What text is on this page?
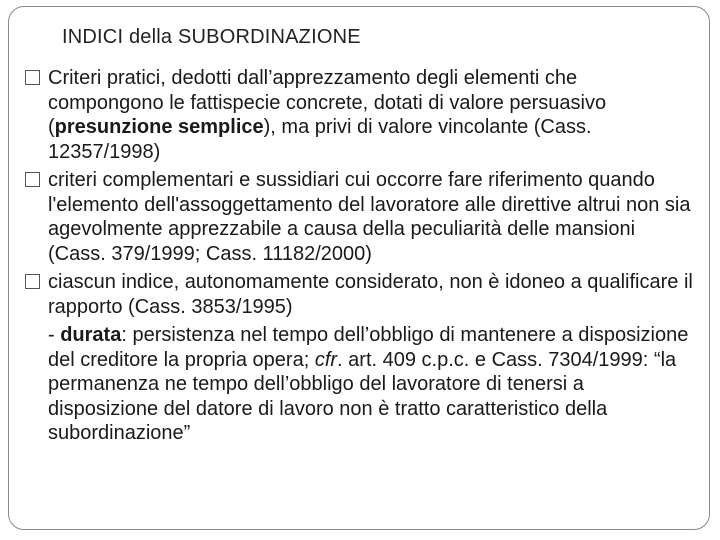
INDICI della SUBORDINAZIONE

Criteri pratici, dedotti dall’apprezzamento degli elementi che compongono le fattispecie concrete, dotati di valore persuasivo (presunzione semplice), ma privi di valore vincolante (Cass. 12357/1998)

criteri complementari e sussidiari cui occorre fare riferimento quando l'elemento dell'assoggettamento del lavoratore alle direttive altrui non sia agevolmente apprezzabile a causa della peculiarità delle mansioni (Cass. 379/1999; Cass. 11182/2000)

ciascun indice, autonomamente considerato, non è idoneo a qualificare il rapporto (Cass. 3853/1995)

- durata: persistenza nel tempo dell’obbligo di mantenere a disposizione del creditore la propria opera; cfr. art. 409 c.p.c. e Cass. 7304/1999: “la permanenza ne tempo dell’obbligo del lavoratore di tenersi a disposizione del datore di lavoro non è tratto caratteristico della subordinazione”
